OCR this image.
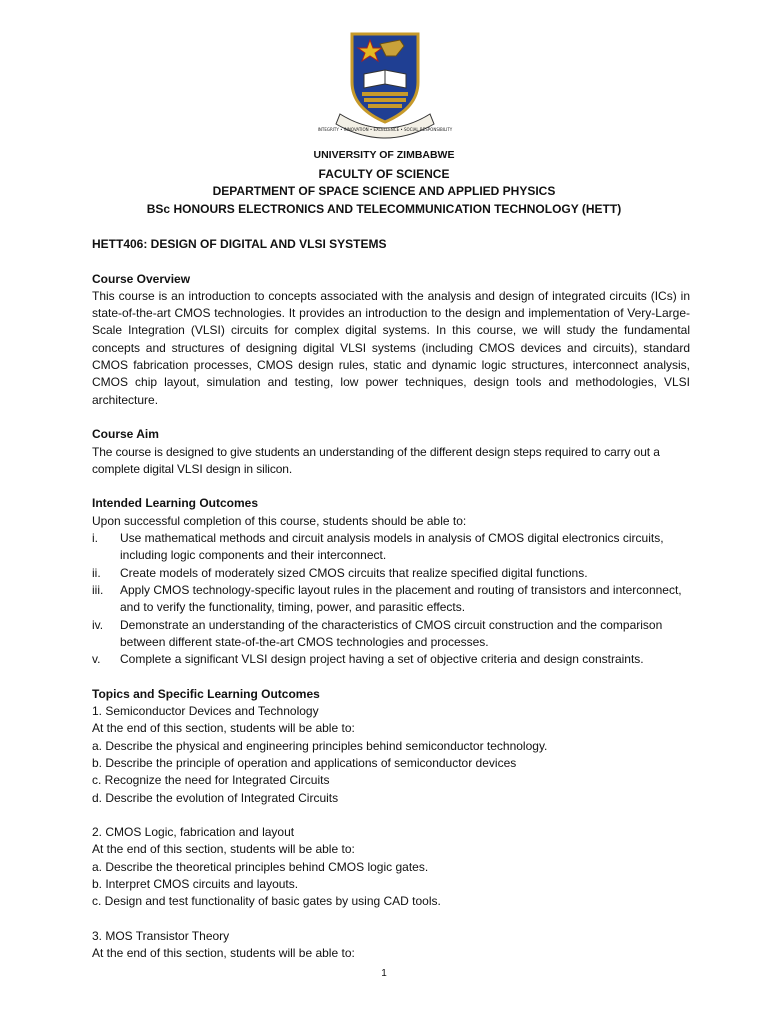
INTEGRITY • INNOVATION • EXCELLENCE • SOCIAL RESPONSIBILITY
UNIVERSITY OF ZIMBABWE
FACULTY OF SCIENCE
DEPARTMENT OF SPACE SCIENCE AND APPLIED PHYSICS
BSc HONOURS ELECTRONICS AND TELECOMMUNICATION TECHNOLOGY (HETT)

HETT406: DESIGN OF DIGITAL AND VLSI SYSTEMS

Course Overview

This course is an introduction to concepts associated with the analysis and design of integrated circuits (ICs) in state-of-the-art CMOS technologies. It provides an introduction to the design and implementation of Very-Large-Scale Integration (VLSI) circuits for complex digital systems. In this course, we will study the fundamental concepts and structures of designing digital VLSI systems (including CMOS devices and circuits), standard CMOS fabrication processes, CMOS design rules, static and dynamic logic structures, interconnect analysis, CMOS chip layout, simulation and testing, low power techniques, design tools and methodologies, VLSI architecture.

Course Aim

The course is designed to give students an understanding of the different design steps required to carry out a complete digital VLSI design in silicon.

Intended Learning Outcomes

Upon successful completion of this course, students should be able to:

i. Use mathematical methods and circuit analysis models in analysis of CMOS digital electronics circuits, including logic components and their interconnect.
ii. Create models of moderately sized CMOS circuits that realize specified digital functions.
iii. Apply CMOS technology-specific layout rules in the placement and routing of transistors and interconnect, and to verify the functionality, timing, power, and parasitic effects.
iv. Demonstrate an understanding of the characteristics of CMOS circuit construction and the comparison between different state-of-the-art CMOS technologies and processes.
v. Complete a significant VLSI design project having a set of objective criteria and design constraints.

Topics and Specific Learning Outcomes

1. Semiconductor Devices and Technology

At the end of this section, students will be able to:

a. Describe the physical and engineering principles behind semiconductor technology.

b. Describe the principle of operation and applications of semiconductor devices

c. Recognize the need for Integrated Circuits

d. Describe the evolution of Integrated Circuits

2. CMOS Logic, fabrication and layout

At the end of this section, students will be able to:

a. Describe the theoretical principles behind CMOS logic gates.

b. Interpret CMOS circuits and layouts.

c. Design and test functionality of basic gates by using CAD tools.

3. MOS Transistor Theory

At the end of this section, students will be able to:

1
